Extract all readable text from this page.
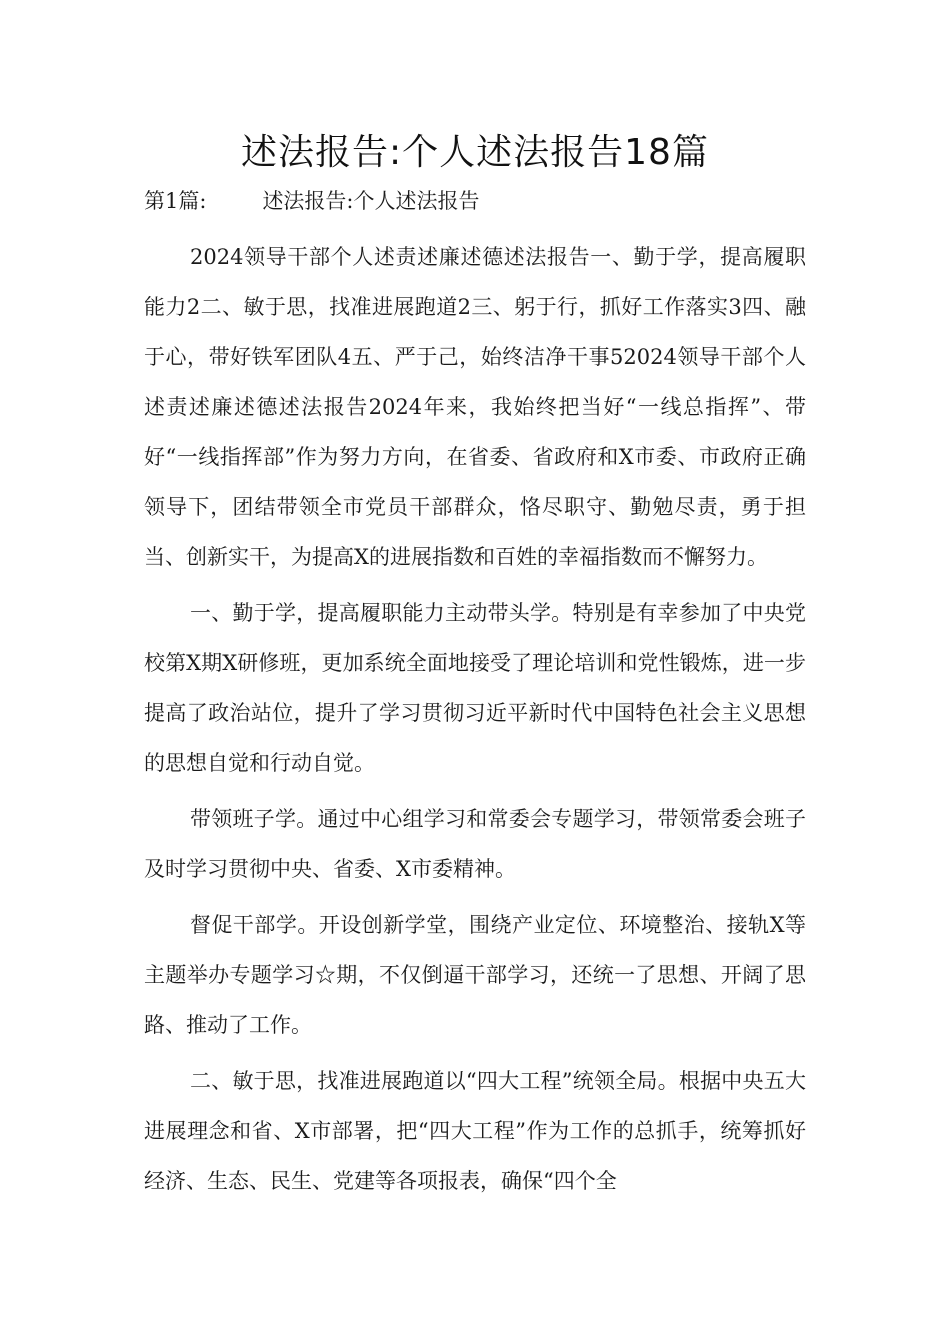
述法报告:个人述法报告18篇
第1篇:	述法报告:个人述法报告

2024领导干部个人述责述廉述德述法报告一、勤于学，提高履职能力2二、敏于思，找准进展跑道2三、躬于行，抓好工作落实3四、融于心，带好铁军团队4五、严于己，始终洁净干事52024领导干部个人述责述廉述德述法报告2024年来，我始终把当好“一线总指挥”、带好“一线指挥部”作为努力方向，在省委、省政府和X市委、市政府正确领导下，团结带领全市党员干部群众，恪尽职守、勤勉尽责，勇于担当、创新实干，为提高X的进展指数和百姓的幸福指数而不懈努力。

一、勤于学，提高履职能力主动带头学。特别是有幸参加了中央党校第X期X研修班，更加系统全面地接受了理论培训和党性锻炼，进一步提高了政治站位，提升了学习贯彻习近平新时代中国特色社会主义思想的思想自觉和行动自觉。

带领班子学。通过中心组学习和常委会专题学习，带领常委会班子及时学习贯彻中央、省委、X市委精神。

督促干部学。开设创新学堂，围绕产业定位、环境整治、接轨X等主题举办专题学习☆期，不仅倒逼干部学习，还统一了思想、开阔了思路、推动了工作。

二、敏于思，找准进展跑道以“四大工程”统领全局。根据中央五大进展理念和省、X市部署，把“四大工程”作为工作的总抓手，统筹抓好经济、生态、民生、党建等各项报表，确保“四个全
